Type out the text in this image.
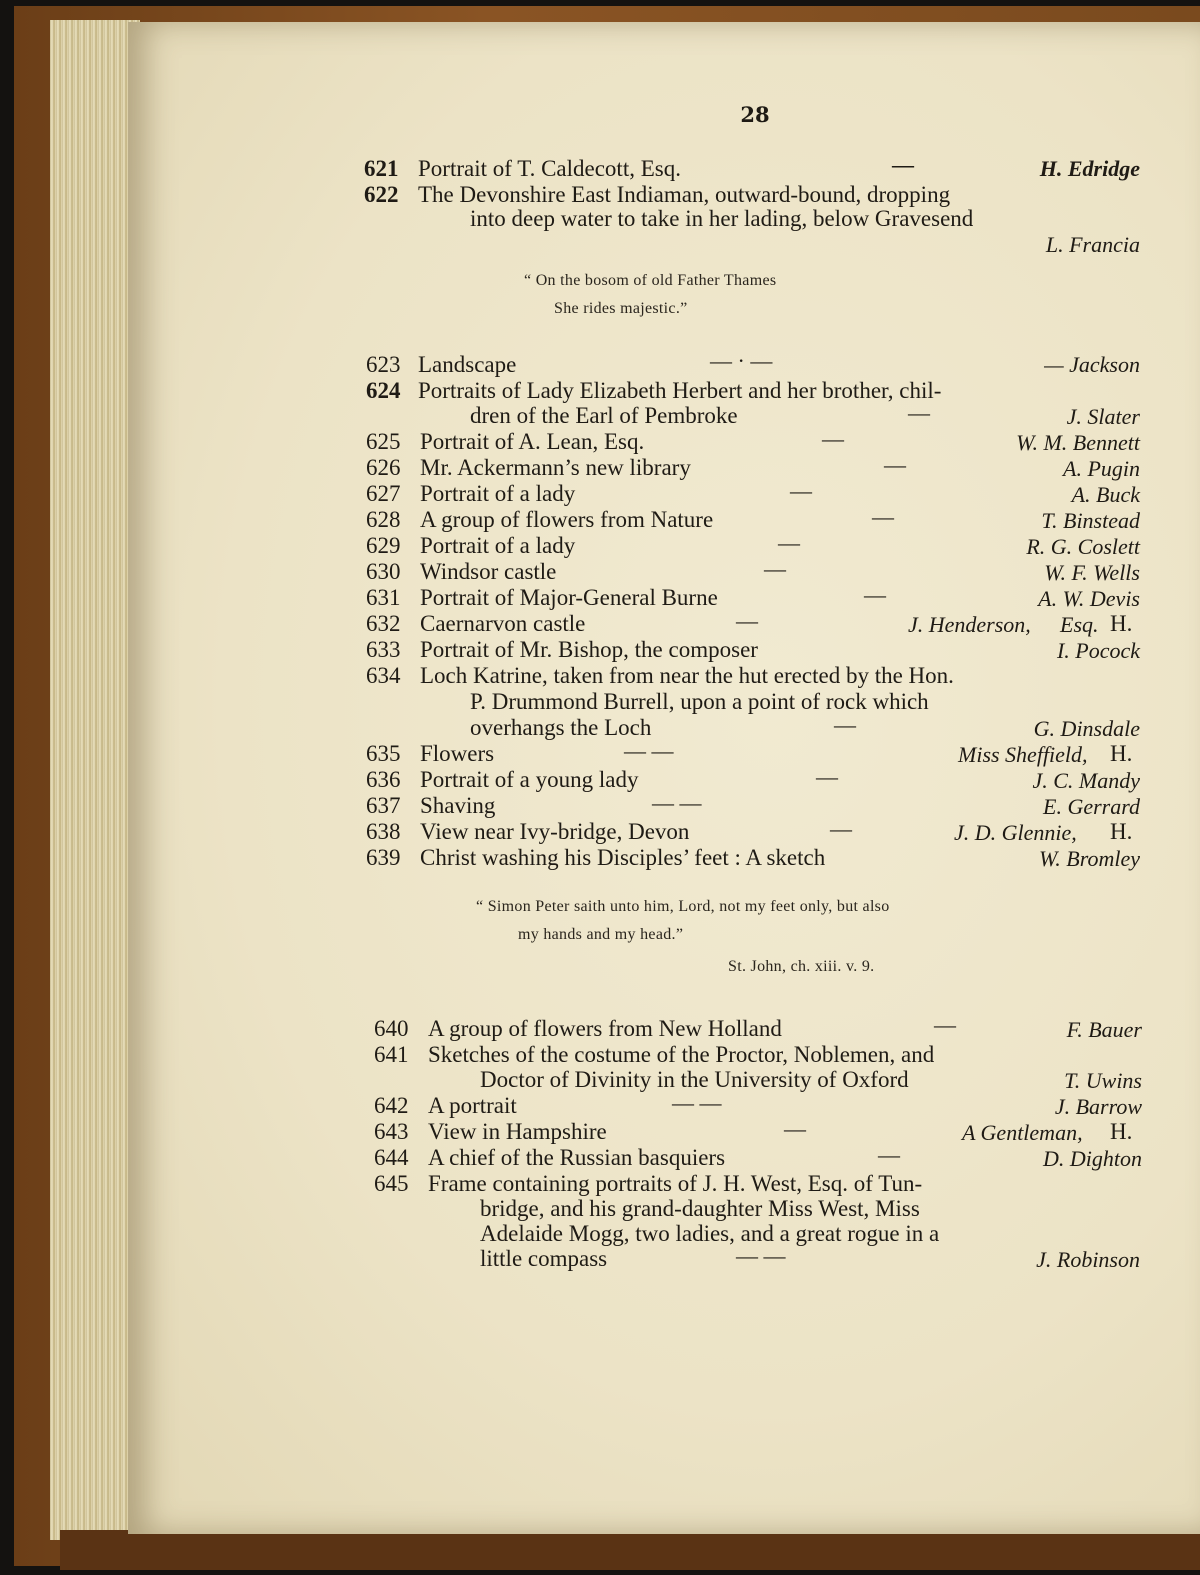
28
621 Portrait of T. Caldecott, Esq.	—	H. Edridge
622 The Devonshire East Indiaman, outward-bound, dropping
into deep water to take in her lading, below Gravesend
L. Francia
“ On the bosom of old Father Thames
She rides majestic.”
623 Landscape	— · —	— Jackson
624 Portraits of Lady Elizabeth Herbert and her brother, chil-
dren of the Earl of Pembroke	—	J. Slater
625 Portrait of A. Lean, Esq.	—	W. M. Bennett
626 Mr. Ackermann’s new library	—	A. Pugin
627 Portrait of a lady	—	A. Buck
628 A group of flowers from Nature	—	T. Binstead
629 Portrait of a lady	—	R. G. Coslett
630 Windsor castle	—	W. F. Wells
631 Portrait of Major-General Burne	—	A. W. Devis
632 Caernarvon castle	—	J. Henderson, Esq. H.
633 Portrait of Mr. Bishop, the composer	I. Pocock
634 Loch Katrine, taken from near the hut erected by the Hon.
P. Drummond Burrell, upon a point of rock which
overhangs the Loch	—	G. Dinsdale
635 Flowers	— —	Miss Sheffield, H.
636 Portrait of a young lady	—	J. C. Mandy
637 Shaving	— —	E. Gerrard
638 View near Ivy-bridge, Devon	—	J. D. Glennie, H.
639 Christ washing his Disciples’ feet : A sketch	W. Bromley
“ Simon Peter saith unto him, Lord, not my feet only, but also
my hands and my head.”
St. John, ch. xiii. v. 9.
640 A group of flowers from New Holland	—	F. Bauer
641 Sketches of the costume of the Proctor, Noblemen, and
Doctor of Divinity in the University of Oxford	T. Uwins
642 A portrait	— —	J. Barrow
643 View in Hampshire	—	A Gentleman, H.
644 A chief of the Russian basquiers	—	D. Dighton
645 Frame containing portraits of J. H. West, Esq. of Tun-
bridge, and his grand-daughter Miss West, Miss
Adelaide Mogg, two ladies, and a great rogue in a
little compass	— —	J. Robinson
